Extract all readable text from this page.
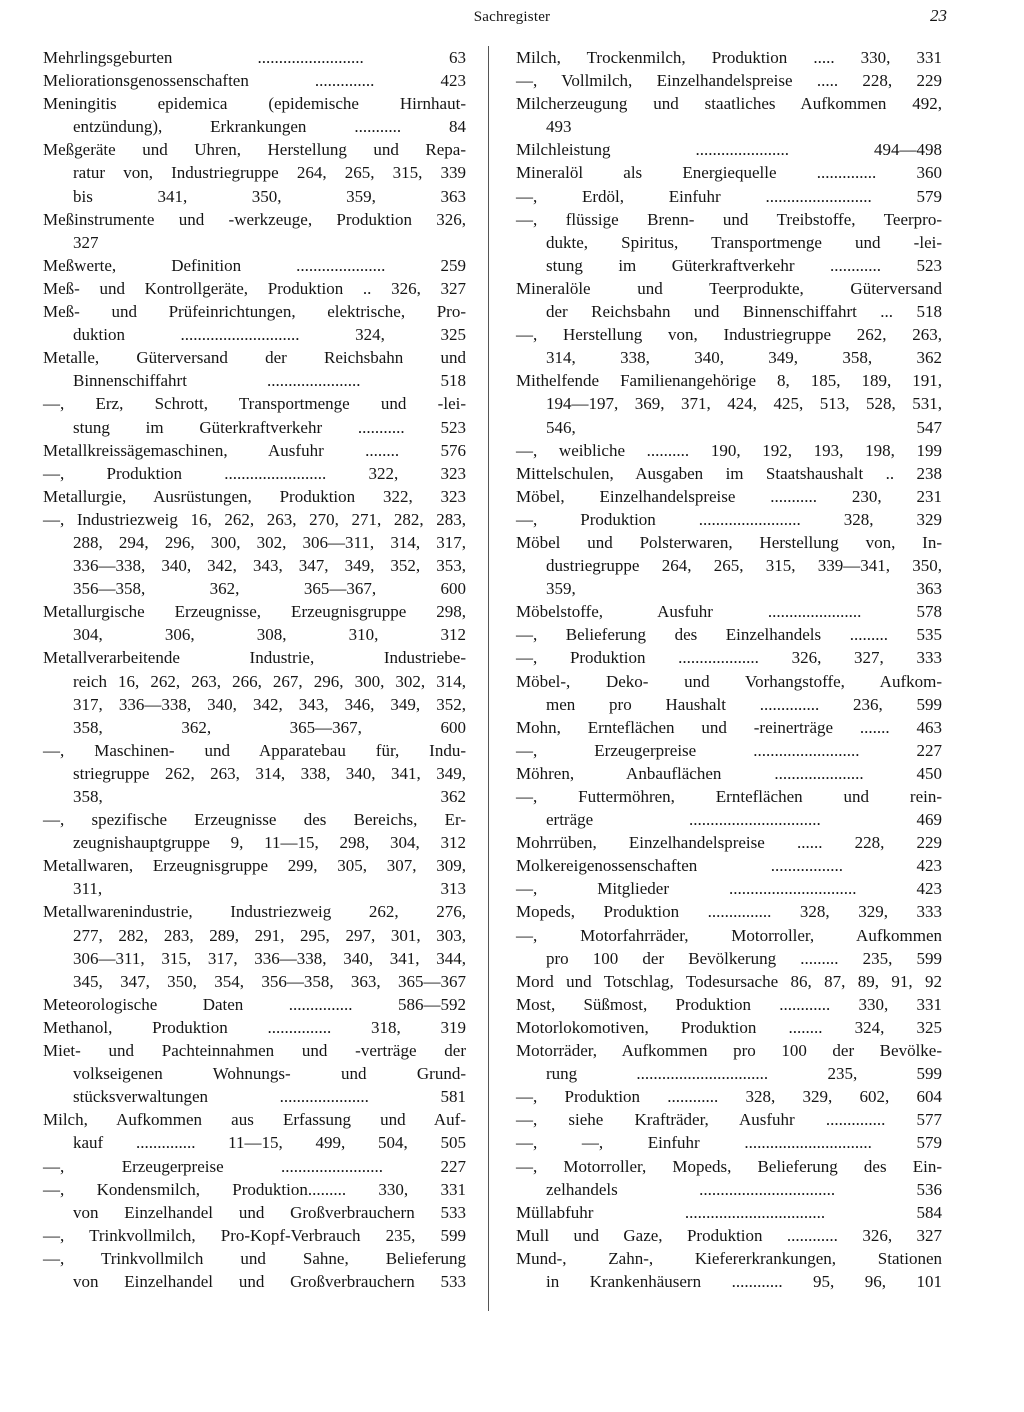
Sachregister	23
Mehrlingsgeburten ......................... 63
Meliorationsgenossenschaften .............. 423
Meningitis epidemica (epidemische Hirnhaut-
entzündung), Erkrankungen ........... 84
Meßgeräte und Uhren, Herstellung und Repa-
ratur von, Industriegruppe 264, 265, 315, 339
bis 341, 350, 359, 363
Meßinstrumente und -werkzeuge, Produktion 326,
327
Meßwerte, Definition ..................... 259
Meß- und Kontrollgeräte, Produktion .. 326, 327
Meß- und Prüfeinrichtungen, elektrische, Pro-
duktion ............................ 324, 325
Metalle, Güterversand der Reichsbahn und
Binnenschiffahrt ...................... 518
—, Erz, Schrott, Transportmenge und -lei-
stung im Güterkraftverkehr ........... 523
Metallkreissägemaschinen, Ausfuhr ........ 576
—, Produktion ........................ 322, 323
Metallurgie, Ausrüstungen, Produktion 322, 323
—, Industriezweig 16, 262, 263, 270, 271, 282, 283,
288, 294, 296, 300, 302, 306—311, 314, 317,
336—338, 340, 342, 343, 347, 349, 352, 353,
356—358, 362, 365—367, 600
Metallurgische Erzeugnisse, Erzeugnisgruppe 298,
304, 306, 308, 310, 312
Metallverarbeitende Industrie, Industriebe-
reich 16, 262, 263, 266, 267, 296, 300, 302, 314,
317, 336—338, 340, 342, 343, 346, 349, 352,
358, 362, 365—367, 600
—, Maschinen- und Apparatebau für, Indu-
striegruppe 262, 263, 314, 338, 340, 341, 349,
358, 362
—, spezifische Erzeugnisse des Bereichs, Er-
zeugnishauptgruppe 9, 11—15, 298, 304, 312
Metallwaren, Erzeugnisgruppe 299, 305, 307, 309,
311, 313
Metallwarenindustrie, Industriezweig 262, 276,
277, 282, 283, 289, 291, 295, 297, 301, 303,
306—311, 315, 317, 336—338, 340, 341, 344,
345, 347, 350, 354, 356—358, 363, 365—367
Meteorologische Daten ............... 586—592
Methanol, Produktion ............... 318, 319
Miet- und Pachteinnahmen und -verträge der
volkseigenen Wohnungs- und Grund-
stücksverwaltungen ..................... 581
Milch, Aufkommen aus Erfassung und Auf-
kauf .............. 11—15, 499, 504, 505
—, Erzeugerpreise ........................ 227
—, Kondensmilch, Produktion......... 330, 331
von Einzelhandel und Großverbrauchern 533
—, Trinkvollmilch, Pro-Kopf-Verbrauch 235, 599
—, Trinkvollmilch und Sahne, Belieferung
von Einzelhandel und Großverbrauchern 533
Milch, Trockenmilch, Produktion ..... 330, 331
—, Vollmilch, Einzelhandelspreise ..... 228, 229
Milcherzeugung und staatliches Aufkommen 492,
493
Milchleistung ...................... 494—498
Mineralöl als Energiequelle .............. 360
—, Erdöl, Einfuhr ......................... 579
—, flüssige Brenn- und Treibstoffe, Teerpro-
dukte, Spiritus, Transportmenge und -lei-
stung im Güterkraftverkehr ............ 523
Mineralöle und Teerprodukte, Güterversand
der Reichsbahn und Binnenschiffahrt ... 518
—, Herstellung von, Industriegruppe 262, 263,
314, 338, 340, 349, 358, 362
Mithelfende Familienangehörige 8, 185, 189, 191,
194—197, 369, 371, 424, 425, 513, 528, 531,
546, 547
—, weibliche .......... 190, 192, 193, 198, 199
Mittelschulen, Ausgaben im Staatshaushalt .. 238
Möbel, Einzelhandelspreise ........... 230, 231
—, Produktion ........................ 328, 329
Möbel und Polsterwaren, Herstellung von, In-
dustriegruppe 264, 265, 315, 339—341, 350,
359, 363
Möbelstoffe, Ausfuhr ...................... 578
—, Belieferung des Einzelhandels ......... 535
—, Produktion ................... 326, 327, 333
Möbel-, Deko- und Vorhangstoffe, Aufkom-
men pro Haushalt .............. 236, 599
Mohn, Ernteflächen und -reinerträge ....... 463
—, Erzeugerpreise ......................... 227
Möhren, Anbauflächen ..................... 450
—, Futtermöhren, Ernteflächen und rein-
erträge ............................... 469
Mohrrüben, Einzelhandelspreise ...... 228, 229
Molkereigenossenschaften ................. 423
—, Mitglieder .............................. 423
Mopeds, Produktion ............... 328, 329, 333
—, Motorfahrräder, Motorroller, Aufkommen
pro 100 der Bevölkerung ......... 235, 599
Mord und Totschlag, Todesursache 86, 87, 89, 91, 92
Most, Süßmost, Produktion ............ 330, 331
Motorlokomotiven, Produktion ........ 324, 325
Motorräder, Aufkommen pro 100 der Bevölke-
rung ............................... 235, 599
—, Produktion ............ 328, 329, 602, 604
—, siehe Krafträder, Ausfuhr .............. 577
—, —, Einfuhr .............................. 579
—, Motorroller, Mopeds, Belieferung des Ein-
zelhandels ................................ 536
Müllabfuhr ................................. 584
Mull und Gaze, Produktion ............ 326, 327
Mund-, Zahn-, Kiefererkrankungen, Stationen
in Krankenhäusern ............ 95, 96, 101
